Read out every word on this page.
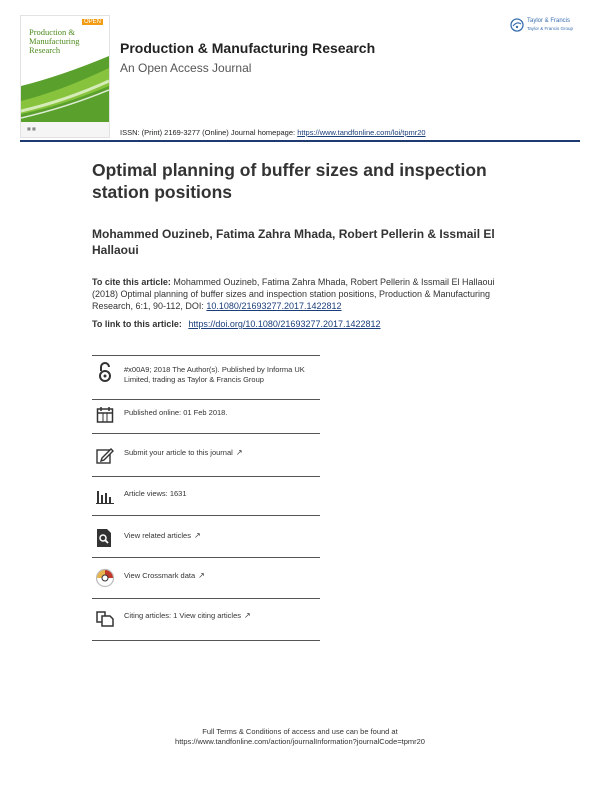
OPEN
Production & Manufacturing Research
■ ■
Taylor & Francis
Taylor & Francis Group
Production & Manufacturing Research
An Open Access Journal
ISSN: (Print) 2169-3277 (Online) Journal homepage: https://www.tandfonline.com/loi/tpmr20
Optimal planning of buffer sizes and inspection station positions
Mohammed Ouzineb, Fatima Zahra Mhada, Robert Pellerin & Issmail El Hallaoui
To cite this article: Mohammed Ouzineb, Fatima Zahra Mhada, Robert Pellerin & Issmail El Hallaoui (2018) Optimal planning of buffer sizes and inspection station positions, Production & Manufacturing Research, 6:1, 90-112, DOI: 10.1080/21693277.2017.1422812
To link to this article: https://doi.org/10.1080/21693277.2017.1422812
#x00A9; 2018 The Author(s). Published by Informa UK Limited, trading as Taylor & Francis Group
Published online: 01 Feb 2018.
Submit your article to this journal ↗
Article views: 1631
View related articles ↗
View Crossmark data ↗
Citing articles: 1 View citing articles ↗
Full Terms & Conditions of access and use can be found at
https://www.tandfonline.com/action/journalInformation?journalCode=tpmr20
